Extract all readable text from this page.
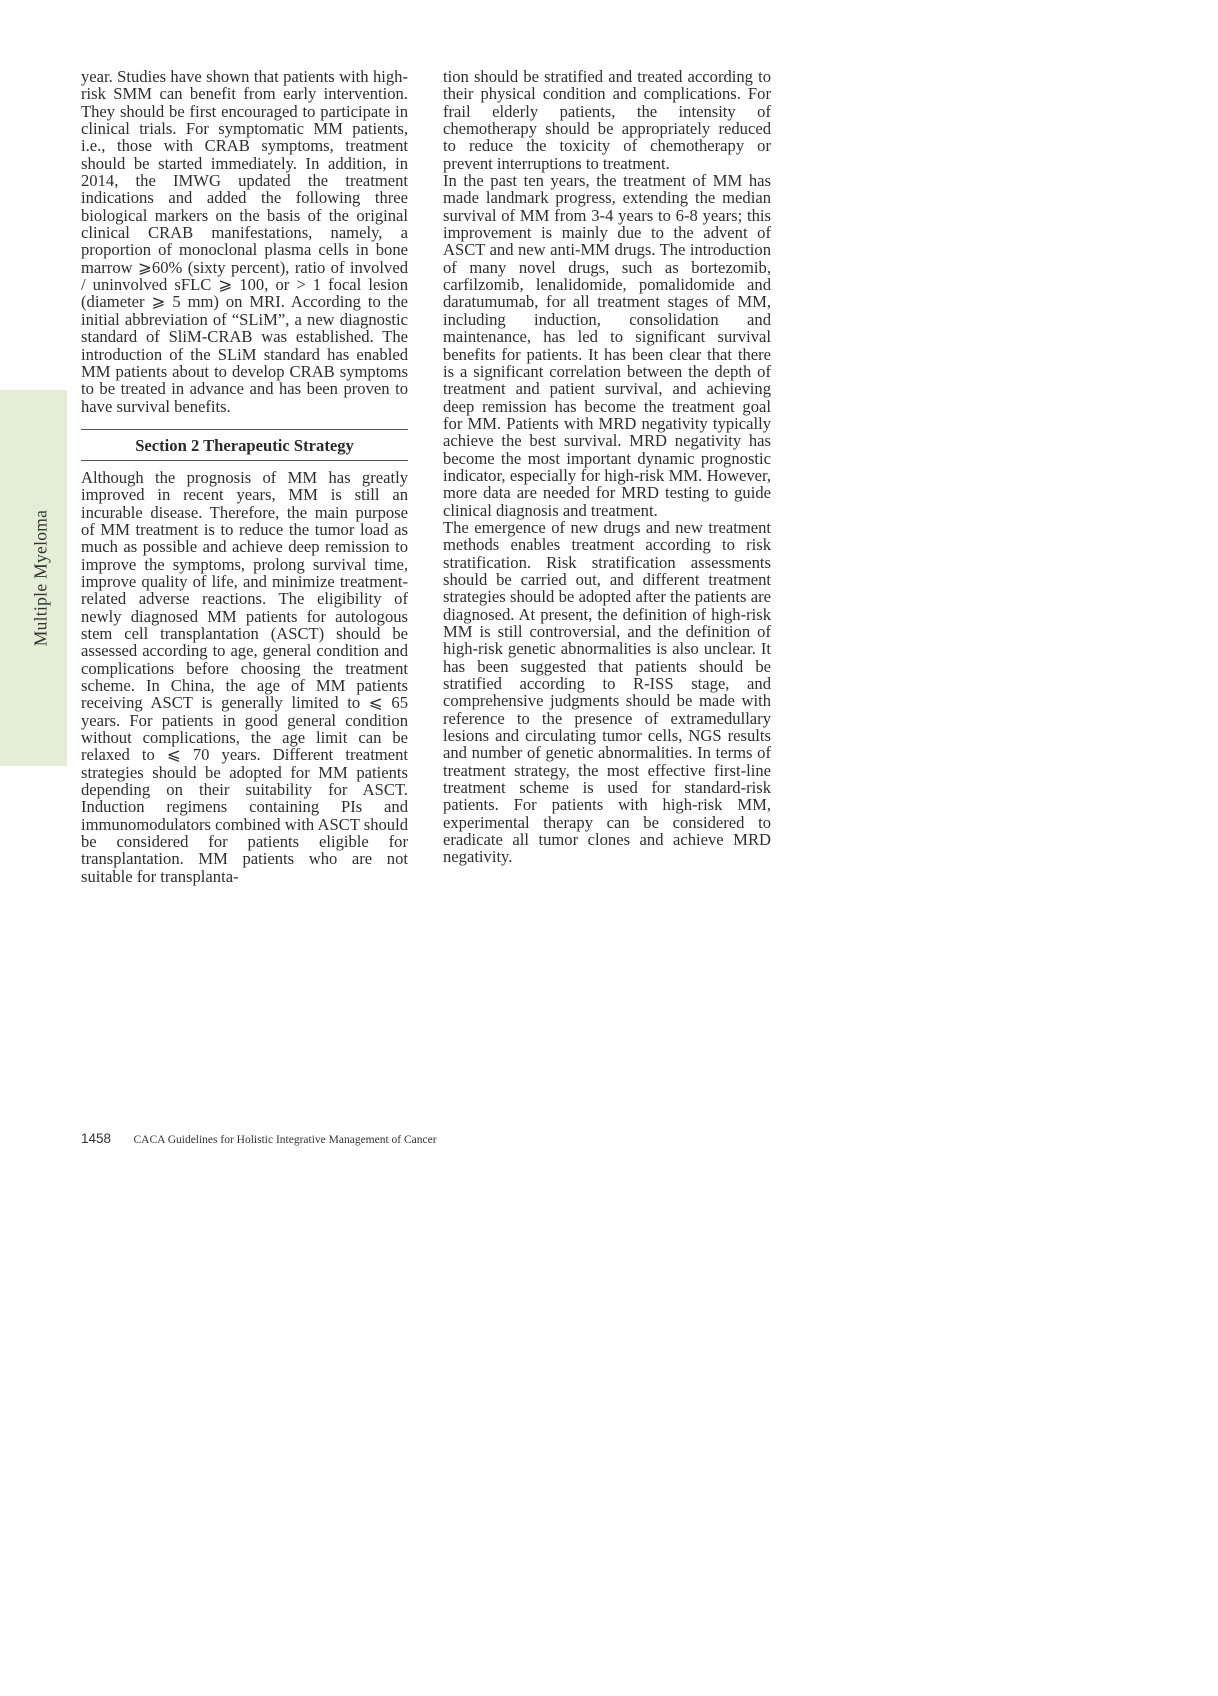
Multiple Myeloma

year. Studies have shown that patients with high-risk SMM can benefit from early intervention. They should be first encouraged to participate in clinical trials. For symptomatic MM patients, i.e., those with CRAB symptoms, treatment should be started immediately. In addition, in 2014, the IMWG updated the treatment indications and added the following three biological markers on the basis of the original clinical CRAB manifestations, namely, a proportion of monoclonal plasma cells in bone marrow ⩾60% (sixty percent), ratio of involved / uninvolved sFLC ⩾ 100, or > 1 focal lesion (diameter ⩾ 5 mm) on MRI. According to the initial abbreviation of “SLiM”, a new diagnostic standard of SliM-CRAB was established. The introduction of the SLiM standard has enabled MM patients about to develop CRAB symptoms to be treated in advance and has been proven to have survival benefits.

Section 2 Therapeutic Strategy

Although the prognosis of MM has greatly improved in recent years, MM is still an incurable disease. Therefore, the main purpose of MM treatment is to reduce the tumor load as much as possible and achieve deep remission to improve the symptoms, prolong survival time, improve quality of life, and minimize treatment-related adverse reactions. The eligibility of newly diagnosed MM patients for autologous stem cell transplantation (ASCT) should be assessed according to age, general condition and complications before choosing the treatment scheme. In China, the age of MM patients receiving ASCT is generally limited to ⩽ 65 years. For patients in good general condition without complications, the age limit can be relaxed to ⩽ 70 years. Different treatment strategies should be adopted for MM patients depending on their suitability for ASCT. Induction regimens containing PIs and immunomodulators combined with ASCT should be considered for patients eligible for transplantation. MM patients who are not suitable for transplanta-

tion should be stratified and treated according to their physical condition and complications. For frail elderly patients, the intensity of chemotherapy should be appropriately reduced to reduce the toxicity of chemotherapy or prevent interruptions to treatment.

In the past ten years, the treatment of MM has made landmark progress, extending the median survival of MM from 3-4 years to 6-8 years; this improvement is mainly due to the advent of ASCT and new anti-MM drugs. The introduction of many novel drugs, such as bortezomib, carfilzomib, lenalidomide, pomalidomide and daratumumab, for all treatment stages of MM, including induction, consolidation and maintenance, has led to significant survival benefits for patients. It has been clear that there is a significant correlation between the depth of treatment and patient survival, and achieving deep remission has become the treatment goal for MM. Patients with MRD negativity typically achieve the best survival. MRD negativity has become the most important dynamic prognostic indicator, especially for high-risk MM. However, more data are needed for MRD testing to guide clinical diagnosis and treatment.

The emergence of new drugs and new treatment methods enables treatment according to risk stratification. Risk stratification assessments should be carried out, and different treatment strategies should be adopted after the patients are diagnosed. At present, the definition of high-risk MM is still controversial, and the definition of high-risk genetic abnormalities is also unclear. It has been suggested that patients should be stratified according to R-ISS stage, and comprehensive judgments should be made with reference to the presence of extramedullary lesions and circulating tumor cells, NGS results and number of genetic abnormalities. In terms of treatment strategy, the most effective first-line treatment scheme is used for standard-risk patients. For patients with high-risk MM, experimental therapy can be considered to eradicate all tumor clones and achieve MRD negativity.

1458 CACA Guidelines for Holistic Integrative Management of Cancer
